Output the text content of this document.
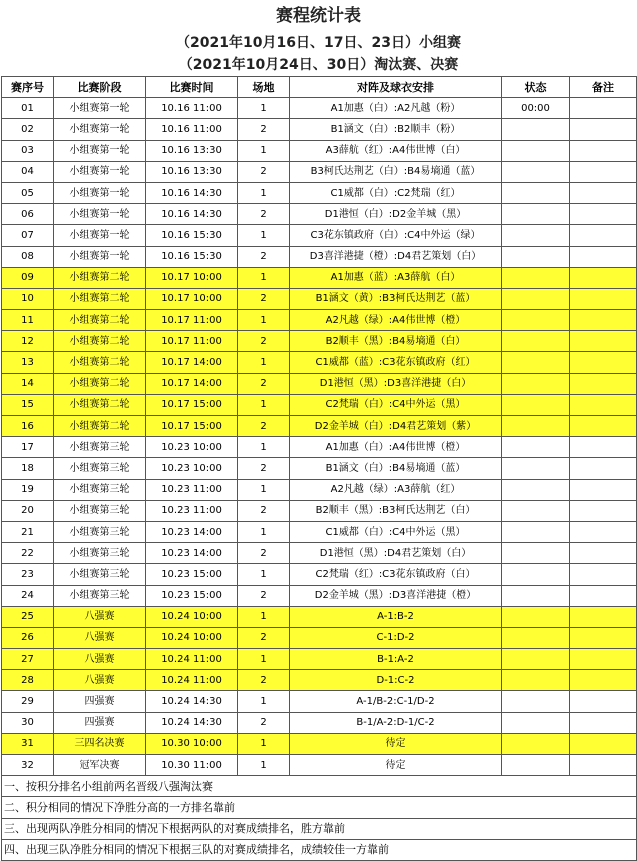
赛程统计表
（2021年10月16日、17日、23日）小组赛
（2021年10月24日、30日）淘汰赛、决赛
赛序号	比赛阶段	比赛时间	场地	对阵及球衣安排	状态	备注
01	小组赛第一轮	10.16 11:00	1	A1加惠（白）:A2凡越（粉）	00:00	
02	小组赛第一轮	10.16 11:00	2	B1涵文（白）:B2顺丰（粉）		
03	小组赛第一轮	10.16 13:30	1	A3薛航（红）:A4伟世博（白）		
04	小组赛第一轮	10.16 13:30	2	B3柯氏达荆艺（白）:B4易墒通（蓝）		
05	小组赛第一轮	10.16 14:30	1	C1威都（白）:C2梵瑞（红）		
06	小组赛第一轮	10.16 14:30	2	D1港恒（白）:D2金羊城（黑）		
07	小组赛第一轮	10.16 15:30	1	C3花东镇政府（白）:C4中外运（绿）		
08	小组赛第一轮	10.16 15:30	2	D3喜洋港捷（橙）:D4君艺策划（白）		
09	小组赛第二轮	10.17 10:00	1	A1加惠（蓝）:A3薛航（白）		
10	小组赛第二轮	10.17 10:00	2	B1涵文（黄）:B3柯氏达荆艺（蓝）		
11	小组赛第二轮	10.17 11:00	1	A2凡越（绿）:A4伟世博（橙）		
12	小组赛第二轮	10.17 11:00	2	B2顺丰（黑）:B4易墒通（白）		
13	小组赛第二轮	10.17 14:00	1	C1威都（蓝）:C3花东镇政府（红）		
14	小组赛第二轮	10.17 14:00	2	D1港恒（黑）:D3喜洋港捷（白）		
15	小组赛第二轮	10.17 15:00	1	C2梵瑞（白）:C4中外运（黑）		
16	小组赛第二轮	10.17 15:00	2	D2金羊城（白）:D4君艺策划（紫）		
17	小组赛第三轮	10.23 10:00	1	A1加惠（白）:A4伟世博（橙）		
18	小组赛第三轮	10.23 10:00	2	B1涵文（白）:B4易墒通（蓝）		
19	小组赛第三轮	10.23 11:00	1	A2凡越（绿）:A3薛航（红）		
20	小组赛第三轮	10.23 11:00	2	B2顺丰（黑）:B3柯氏达荆艺（白）		
21	小组赛第三轮	10.23 14:00	1	C1威都（白）:C4中外运（黑）		
22	小组赛第三轮	10.23 14:00	2	D1港恒（黑）:D4君艺策划（白）		
23	小组赛第三轮	10.23 15:00	1	C2梵瑞（红）:C3花东镇政府（白）		
24	小组赛第三轮	10.23 15:00	2	D2金羊城（黑）:D3喜洋港捷（橙）		
25	八强赛	10.24 10:00	1	A-1:B-2		
26	八强赛	10.24 10:00	2	C-1:D-2		
27	八强赛	10.24 11:00	1	B-1:A-2		
28	八强赛	10.24 11:00	2	D-1:C-2		
29	四强赛	10.24 14:30	1	A-1/B-2:C-1/D-2		
30	四强赛	10.24 14:30	2	B-1/A-2:D-1/C-2		
31	三四名决赛	10.30 10:00	1	待定		
32	冠军决赛	10.30 11:00	1	待定		
一、按积分排名小组前两名晋级八强淘汰赛						
二、积分相同的情况下净胜分高的一方排名靠前						
三、出现两队净胜分相同的情况下根据两队的对赛成绩排名，胜方靠前						
四、出现三队净胜分相同的情况下根据三队的对赛成绩排名，成绩较佳一方靠前						
